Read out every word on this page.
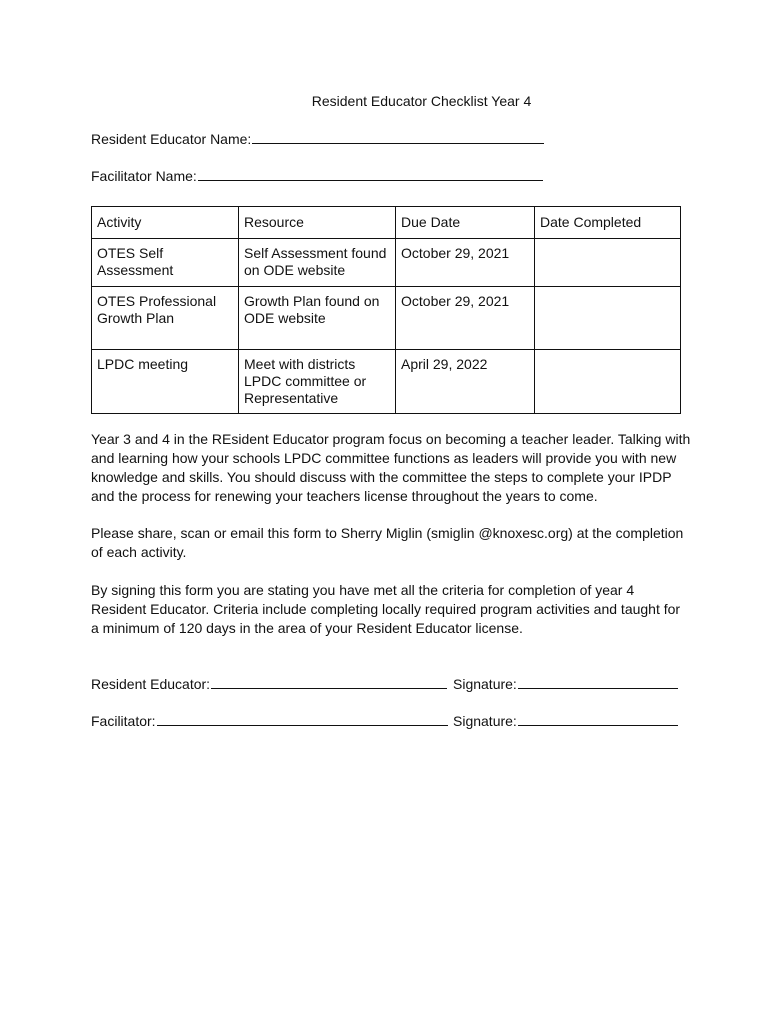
Resident Educator Checklist Year 4
Resident Educator Name:
Facilitator Name:
Activity	Resource	Due Date	Date Completed
OTES Self Assessment	Self Assessment found on ODE website	October 29, 2021	
OTES Professional Growth Plan	Growth Plan found on ODE website	October 29, 2021	
LPDC meeting	Meet with districts LPDC committee or Representative	April 29, 2022	
Year 3 and 4 in the REsident Educator program focus on becoming a teacher leader. Talking with and learning how your schools LPDC committee functions as leaders will provide you with new knowledge and skills. You should discuss with the committee the steps to complete your IPDP and the process for renewing your teachers license throughout the years to come.
Please share, scan or email this form to Sherry Miglin (smiglin @knoxesc.org) at the completion of each activity.
By signing this form you are stating you have met all the criteria for completion of year 4 Resident Educator. Criteria include completing locally required program activities and taught for a minimum of 120 days in the area of your Resident Educator license.
Resident Educator:	Signature:
Facilitator:	Signature:
